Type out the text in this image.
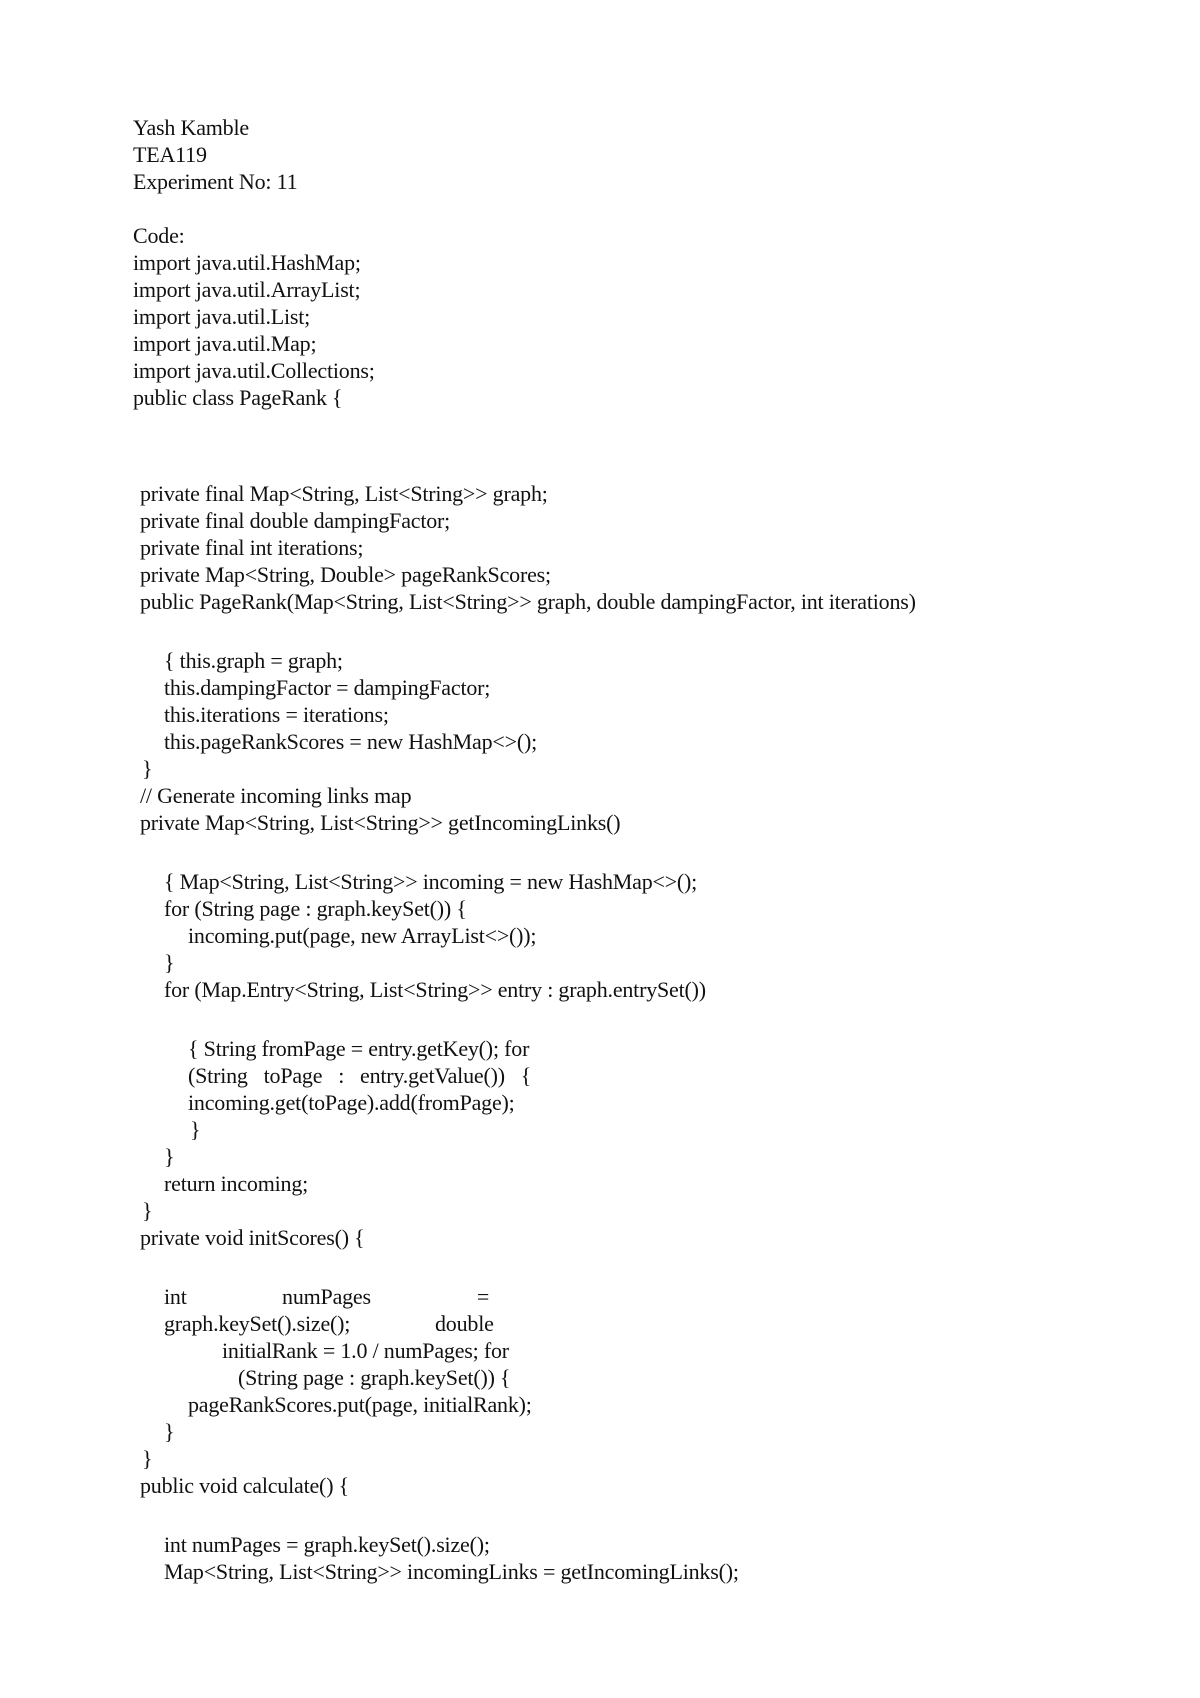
Yash Kamble
TEA119
Experiment No: 11
Code:
import java.util.HashMap;
import java.util.ArrayList;
import java.util.List;
import java.util.Map;
import java.util.Collections;
public class PageRank {
private final Map<String, List<String>> graph;
private final double dampingFactor;
private final int iterations;
private Map<String, Double> pageRankScores;
public PageRank(Map<String, List<String>> graph, double dampingFactor, int iterations)
{ this.graph = graph;
this.dampingFactor = dampingFactor;
this.iterations = iterations;
this.pageRankScores = new HashMap<>();
}
// Generate incoming links map
private Map<String, List<String>> getIncomingLinks()
{ Map<String, List<String>> incoming = new HashMap<>();
for (String page : graph.keySet()) {
incoming.put(page, new ArrayList<>());
}
for (Map.Entry<String, List<String>> entry : graph.entrySet())
{ String fromPage = entry.getKey(); for
(String   toPage   :   entry.getValue())   {
incoming.get(toPage).add(fromPage);
}
}
return incoming;
}
private void initScores() {
int                  numPages                    =
graph.keySet().size();                double
initialRank = 1.0 / numPages; for
(String page : graph.keySet()) {
pageRankScores.put(page, initialRank);
}
}
public void calculate() {
int numPages = graph.keySet().size();
Map<String, List<String>> incomingLinks = getIncomingLinks();
